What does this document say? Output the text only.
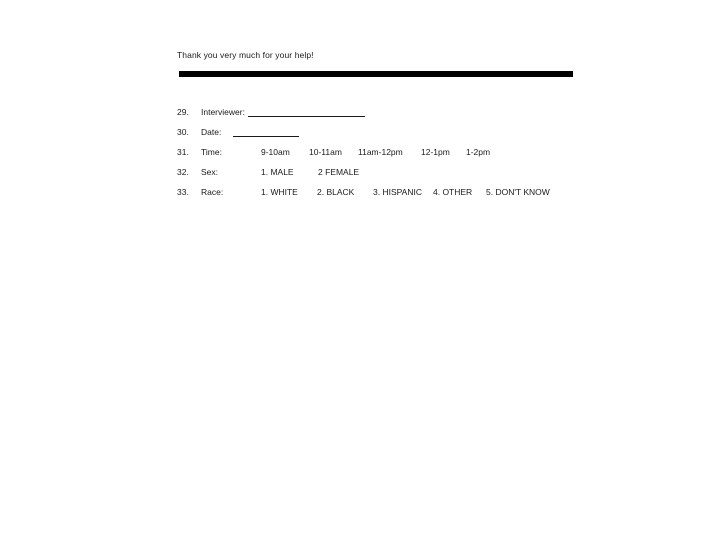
Thank you very much for your help!
29. Interviewer:
30. Date:
31. Time:	9-10am 10-11am 11am-12pm 12-1pm 1-2pm
32. Sex:	1. MALE	2 FEMALE
33. Race:	1. WHITE 2. BLACK 3. HISPANIC 4. OTHER 5. DON'T KNOW
